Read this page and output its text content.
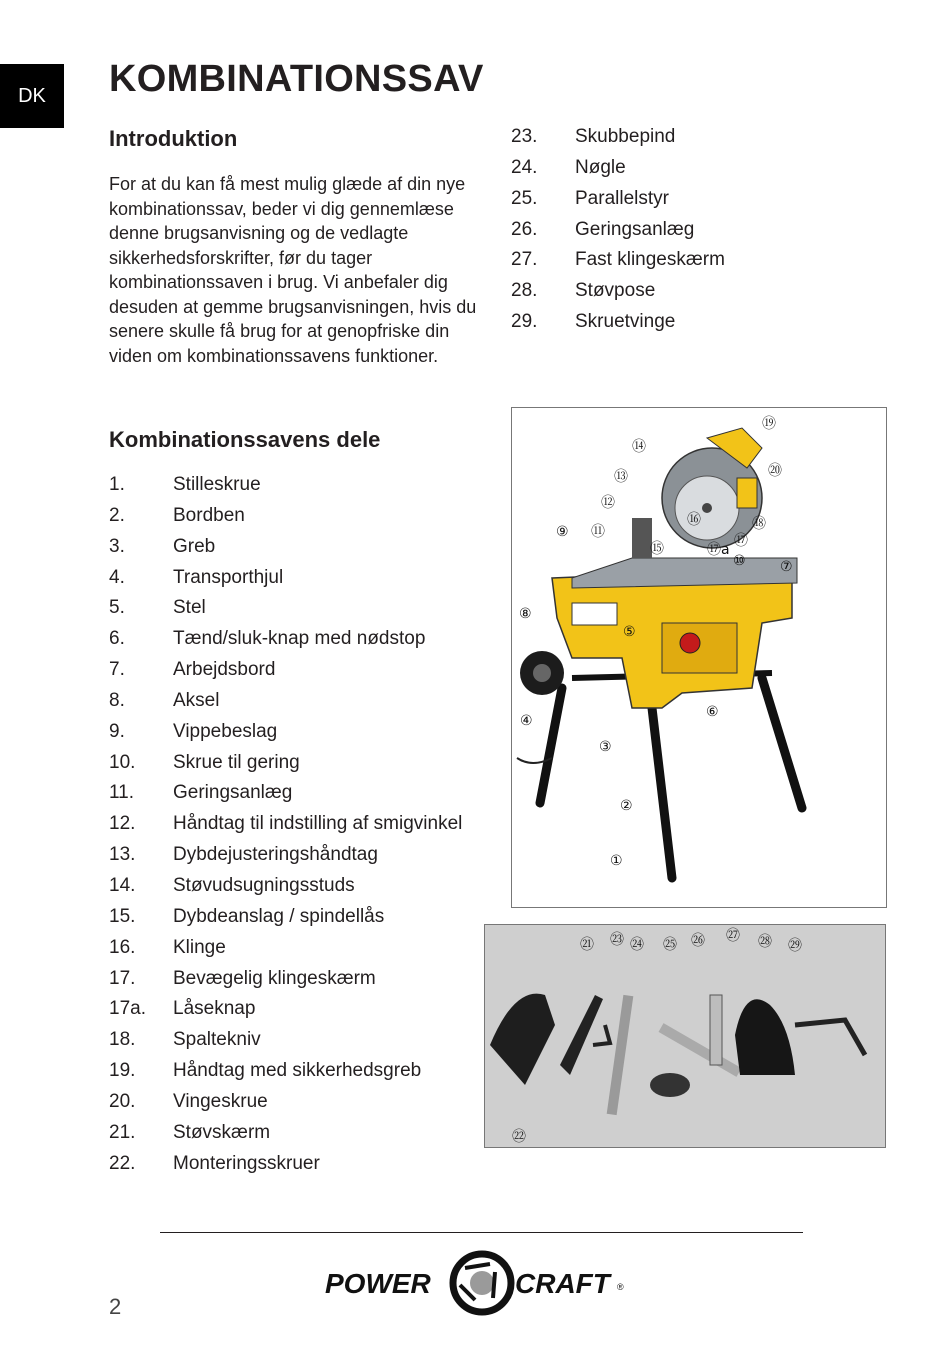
DK	KOMBINATIONSSAV
Introduktion

For at du kan få mest mulig glæde af din nye kombinationssav, beder vi dig gennemlæse denne brugsanvisning og de vedlagte sikkerhedsforskrifter, før du tager kombinationssaven i brug. Vi anbefaler dig desuden at gemme brugsanvisningen, hvis du senere skulle få brug for at genopfriske din viden om kombinationssavens funktioner.

Kombinationssavens dele
1.	Stilleskrue
2.	Bordben
3.	Greb
4.	Transporthjul
5.	Stel
6.	Tænd/sluk-knap med nødstop
7.	Arbejdsbord
8.	Aksel
9.	Vippebeslag
10.	Skrue til gering
11.	Geringsanlæg
12.	Håndtag til indstilling af smigvinkel
13.	Dybdejusteringshåndtag
14.	Støvudsugningsstuds
15.	Dybdeanslag / spindellås
16.	Klinge
17.	Bevægelig klingeskærm
17a.	Låseknap
18.	Spaltekniv
19.	Håndtag med sikkerhedsgreb
20.	Vingeskrue
21.	Støvskærm
22.	Monteringsskruer
23.	Skubbepind
24.	Nøgle
25.	Parallelstyr
26.	Geringsanlæg
27.	Fast klingeskærm
28.	Støvpose
29.	Skruetvinge
⑲
⑭
⑳
⑬
⑫
⑯	⑱
⑨ ⑪
⑰
⑮	⑰a
⑩ ⑦
⑧
⑤
④
⑥
③
②
①
㉑ ㉓ ㉔ ㉕ ㉖ ㉗ ㉘ ㉙
㉒
POWER	CRAFT ®
2
